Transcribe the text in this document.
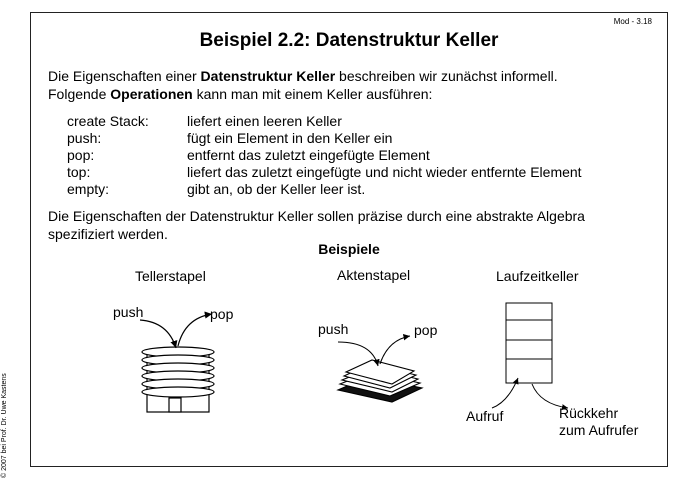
Mod - 3.18
© 2007 bei Prof. Dr. Uwe Kastens
Beispiel 2.2: Datenstruktur Keller
Die Eigenschaften einer Datenstruktur Keller beschreiben wir zunächst informell.
Folgende Operationen kann man mit einem Keller ausführen:
create Stack:	liefert einen leeren Keller
push:	fügt ein Element in den Keller ein
pop:	entfernt das zuletzt eingefügte Element
top:	liefert das zuletzt eingefügte und nicht wieder entfernte Element
empty:	gibt an, ob der Keller leer ist.
Die Eigenschaften der Datenstruktur Keller sollen präzise durch eine abstrakte Algebra
spezifiziert werden.
Beispiele
Tellerstapel	Aktenstapel	Laufzeitkeller
push	pop
push	pop
Aufruf	Rückkehr
zum Aufrufer
